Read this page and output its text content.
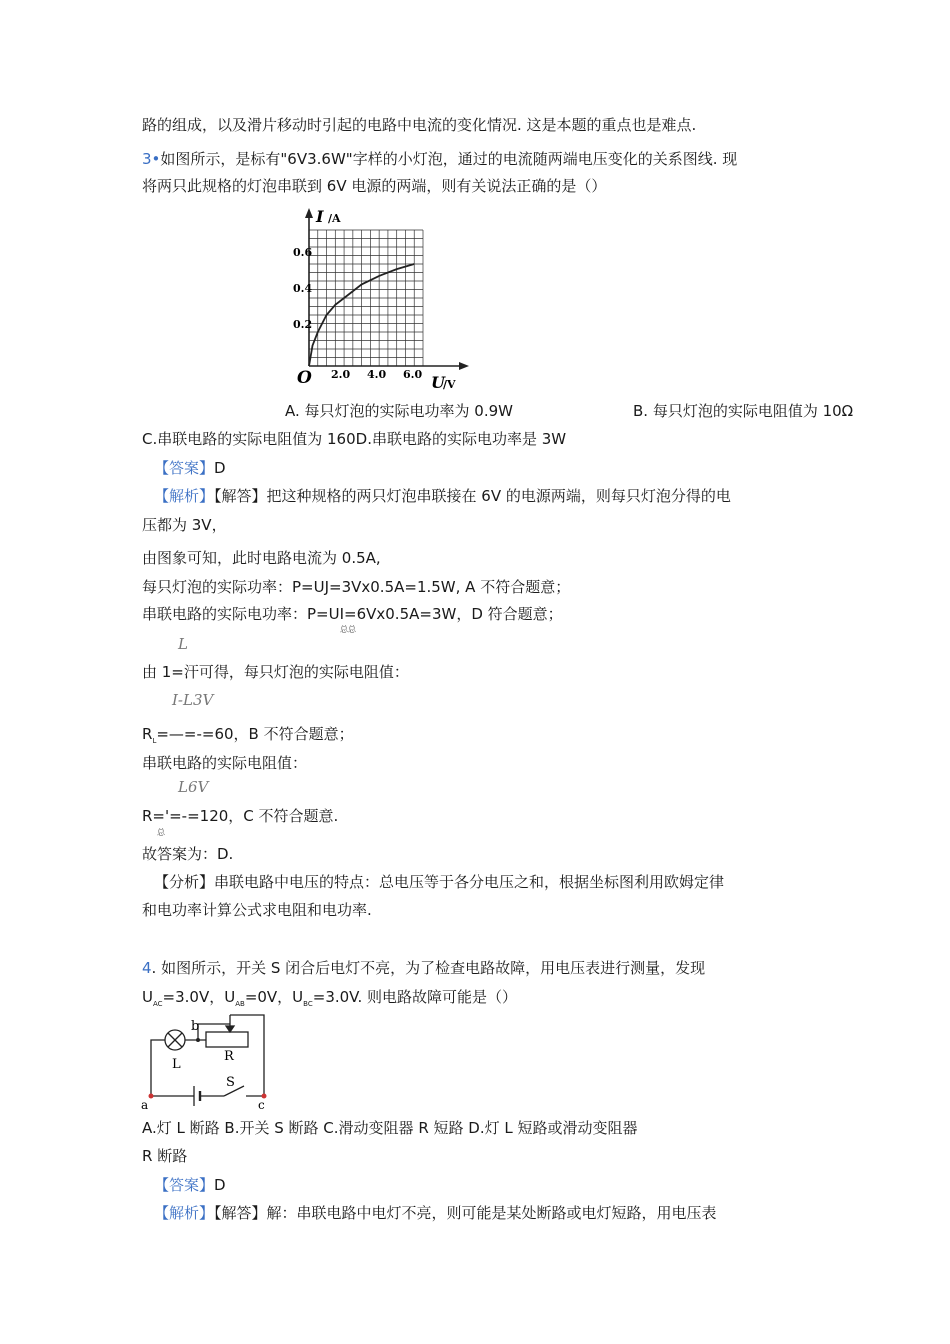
路的组成，以及滑片移动时引起的电路中电流的变化情况. 这是本题的重点也是难点.
3•如图所示，是标有"6V3.6W"字样的小灯泡，通过的电流随两端电压变化的关系图线. 现
将两只此规格的灯泡串联到 6V 电源的两端，则有关说法正确的是（）
I /A
0.6
0.4
0.2
O 2.0 4.0 6.0 U
/V
A. 每只灯泡的实际电功率为 0.9W	B. 每只灯泡的实际电阻值为 10Ω
C.串联电路的实际电阻值为 160D.串联电路的实际电功率是 3W
【答案】D
【解析】【解答】把这种规格的两只灯泡串联接在 6V 的电源两端，则每只灯泡分得的电
压都为 3V，
由图象可知，此时电路电流为 0.5A,
每只灯泡的实际功率：P=UJ=3Vx0.5A=1.5W, A 不符合题意；
串联电路的实际电功率：P=UI=6Vx0.5A=3W，D 符合题意；
总总
L
由 1=汗可得，每只灯泡的实际电阻值：
I-L3V
$R_L=—=-=60$，B 不符合题意；
串联电路的实际电阻值：
L6V
R='=-=120，C 不符合题意.
总
故答案为：D.
【分析】串联电路中电压的特点：总电压等于各分电压之和，根据坐标图利用欧姆定律
和电功率计算公式求电阻和电功率.
4. 如图所示，开关 S 闭合后电灯不亮，为了检查电路故障，用电压表进行测量，发现
$U_{AC}=3.0V$，$U_{AB}=0V$，$U_{BC}=3.0V$. 则电路故障可能是（）
b
R
L
S
a	c
A.灯 L 断路 B.开关 S 断路 C.滑动变阻器 R 短路 D.灯 L 短路或滑动变阻器
R 断路
【答案】D
【解析】【解答】解：串联电路中电灯不亮，则可能是某处断路或电灯短路，用电压表
